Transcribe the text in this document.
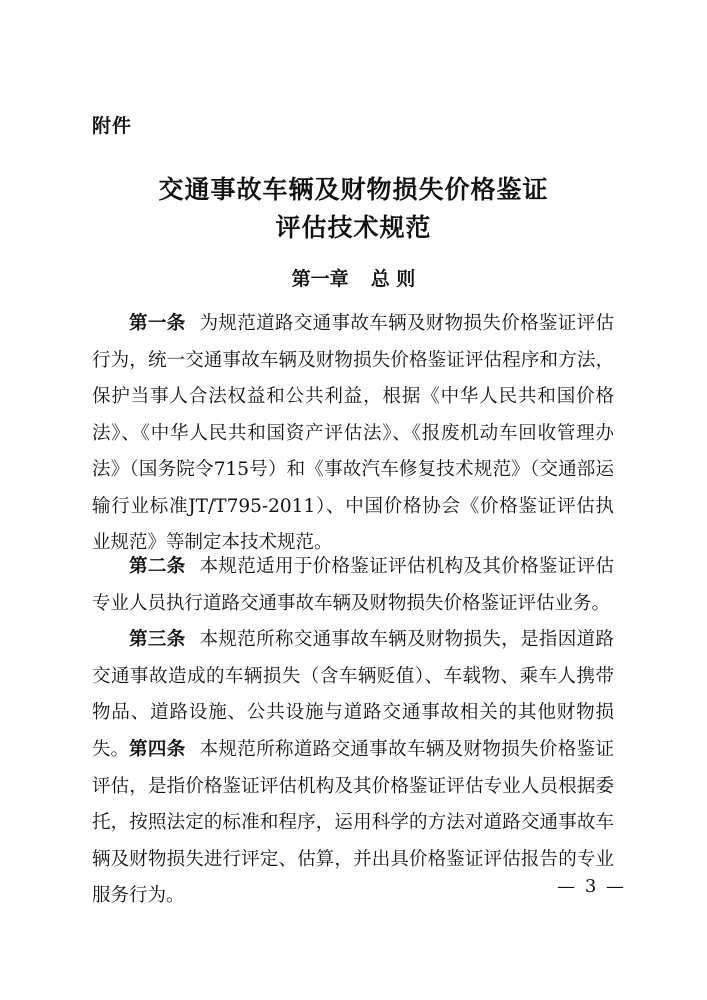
附件
交通事故车辆及财物损失价格鉴证
评估技术规范
第一章 总 则

第一条 为规范道路交通事故车辆及财物损失价格鉴证评估行为，统一交通事故车辆及财物损失价格鉴证评估程序和方法，保护当事人合法权益和公共利益，根据《中华人民共和国价格法》、《中华人民共和国资产评估法》、《报废机动车回收管理办法》（国务院令715号）和《事故汽车修复技术规范》（交通部运输行业标准JT/T795-2011）、中国价格协会《价格鉴证评估执业规范》等制定本技术规范。

第二条 本规范适用于价格鉴证评估机构及其价格鉴证评估专业人员执行道路交通事故车辆及财物损失价格鉴证评估业务。

第三条 本规范所称交通事故车辆及财物损失，是指因道路交通事故造成的车辆损失（含车辆贬值）、车载物、乘车人携带物品、道路设施、公共设施与道路交通事故相关的其他财物损失。 第四条 本规范所称道路交通事故车辆及财物损失价格鉴证评估，是指价格鉴证评估机构及其价格鉴证评估专业人员根据委托，按照法定的标准和程序，运用科学的方法对道路交通事故车辆及财物损失进行评定、估算，并出具价格鉴证评估报告的专业服务行为。	— 3 —
